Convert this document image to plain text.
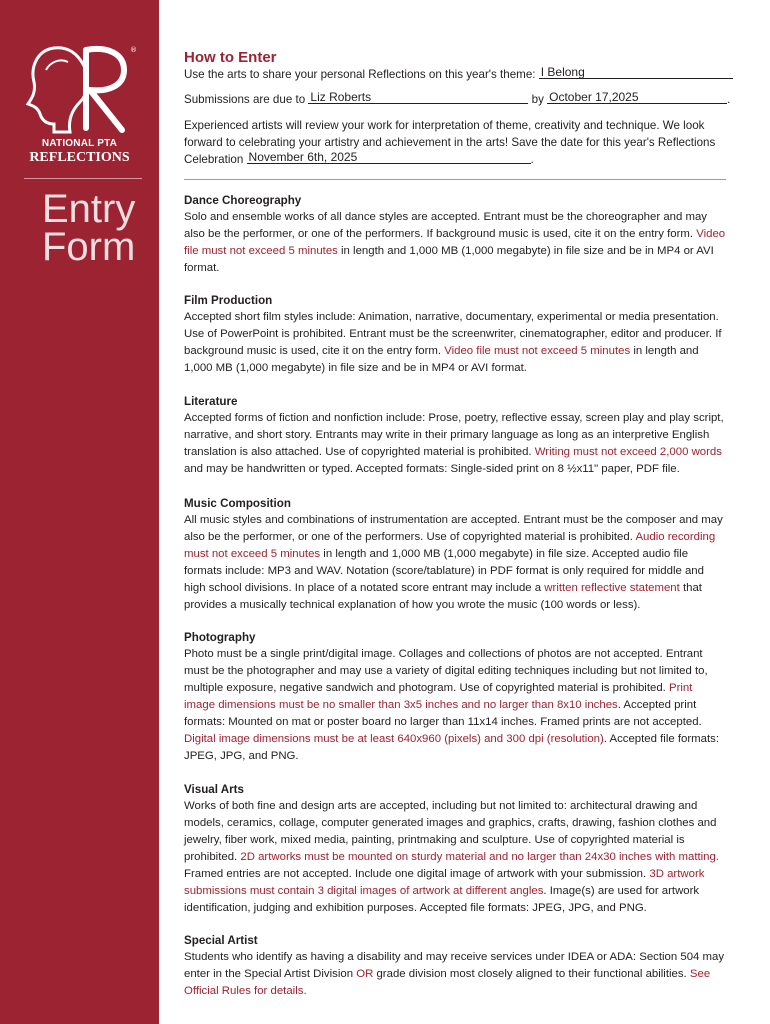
®
NATIONAL PTA
REFLECTIONS
Entry
Form
How to Enter
Use the arts to share your personal Reflections on this year's theme: I Belong
Submissions are due to Liz Roberts	by October 17,2025	.
Experienced artists will review your work for interpretation of theme, creativity and technique. We look forward to celebrating your artistry and achievement in the arts! Save the date for this year's Reflections Celebration November 6th, 2025	.
Dance Choreography

Solo and ensemble works of all dance styles are accepted. Entrant must be the choreographer and may also be the performer, or one of the performers. If background music is used, cite it on the entry form. Video file must not exceed 5 minutes in length and 1,000 MB (1,000 megabyte) in file size and be in MP4 or AVI format.

Film Production

Accepted short film styles include: Animation, narrative, documentary, experimental or media presentation. Use of PowerPoint is prohibited. Entrant must be the screenwriter, cinematographer, editor and producer. If background music is used, cite it on the entry form. Video file must not exceed 5 minutes in length and 1,000 MB (1,000 megabyte) in file size and be in MP4 or AVI format.

Literature

Accepted forms of fiction and nonfiction include: Prose, poetry, reflective essay, screen play and play script, narrative, and short story. Entrants may write in their primary language as long as an interpretive English translation is also attached. Use of copyrighted material is prohibited. Writing must not exceed 2,000 words and may be handwritten or typed. Accepted formats: Single-sided print on 8 ½x11" paper, PDF file.

Music Composition

All music styles and combinations of instrumentation are accepted. Entrant must be the composer and may also be the performer, or one of the performers. Use of copyrighted material is prohibited. Audio recording must not exceed 5 minutes in length and 1,000 MB (1,000 megabyte) in file size. Accepted audio file formats include: MP3 and WAV. Notation (score/tablature) in PDF format is only required for middle and high school divisions. In place of a notated score entrant may include a written reflective statement that provides a musically technical explanation of how you wrote the music (100 words or less).

Photography

Photo must be a single print/digital image. Collages and collections of photos are not accepted. Entrant must be the photographer and may use a variety of digital editing techniques including but not limited to, multiple exposure, negative sandwich and photogram. Use of copyrighted material is prohibited. Print image dimensions must be no smaller than 3x5 inches and no larger than 8x10 inches. Accepted print formats: Mounted on mat or poster board no larger than 11x14 inches. Framed prints are not accepted. Digital image dimensions must be at least 640x960 (pixels) and 300 dpi (resolution). Accepted file formats: JPEG, JPG, and PNG.

Visual Arts

Works of both fine and design arts are accepted, including but not limited to: architectural drawing and models, ceramics, collage, computer generated images and graphics, crafts, drawing, fashion clothes and jewelry, fiber work, mixed media, painting, printmaking and sculpture. Use of copyrighted material is prohibited. 2D artworks must be mounted on sturdy material and no larger than 24x30 inches with matting. Framed entries are not accepted. Include one digital image of artwork with your submission. 3D artwork submissions must contain 3 digital images of artwork at different angles. Image(s) are used for artwork identification, judging and exhibition purposes. Accepted file formats: JPEG, JPG, and PNG.

Special Artist

Students who identify as having a disability and may receive services under IDEA or ADA: Section 504 may enter in the Special Artist Division OR grade division most closely aligned to their functional abilities. See Official Rules for details.
